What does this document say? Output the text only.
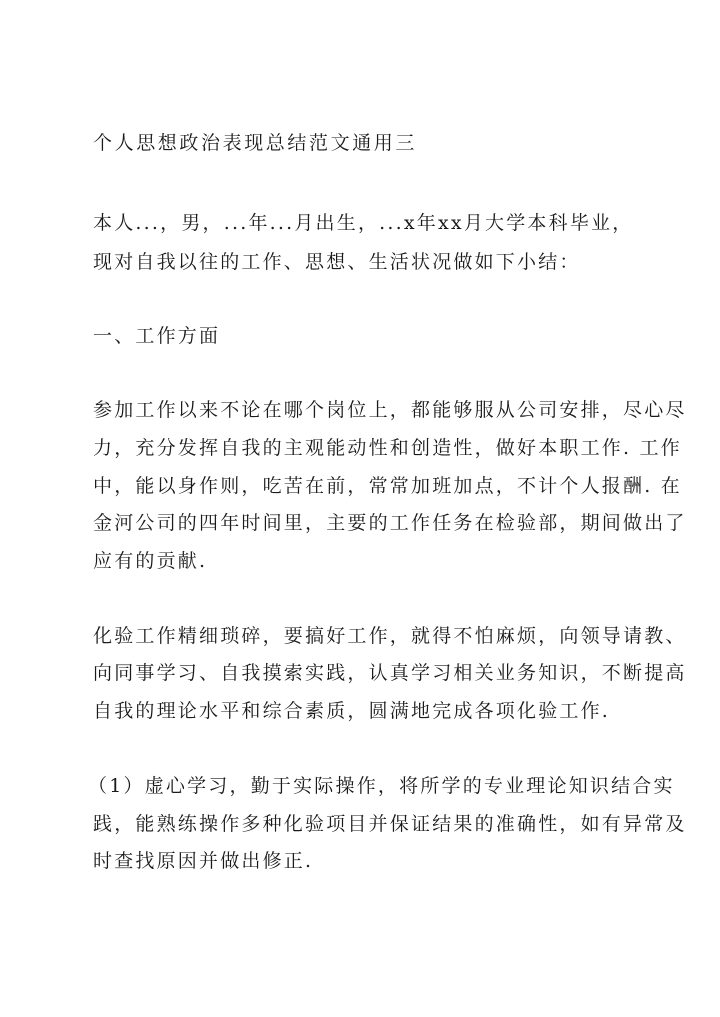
个人思想政治表现总结范文通用三
本人...，男，...年...月出生，...x年xx月大学本科毕业，
现对自我以往的工作、思想、生活状况做如下小结：
一、工作方面
参加工作以来不论在哪个岗位上，都能够服从公司安排，尽心尽
力，充分发挥自我的主观能动性和创造性，做好本职工作. 工作
中，能以身作则，吃苦在前，常常加班加点，不计个人报酬. 在
金河公司的四年时间里，主要的工作任务在检验部，期间做出了
应有的贡献.
化验工作精细琐碎，要搞好工作，就得不怕麻烦，向领导请教、
向同事学习、自我摸索实践，认真学习相关业务知识，不断提高
自我的理论水平和综合素质，圆满地完成各项化验工作.
（1）虚心学习，勤于实际操作，将所学的专业理论知识结合实
践，能熟练操作多种化验项目并保证结果的准确性，如有异常及
时查找原因并做出修正.
